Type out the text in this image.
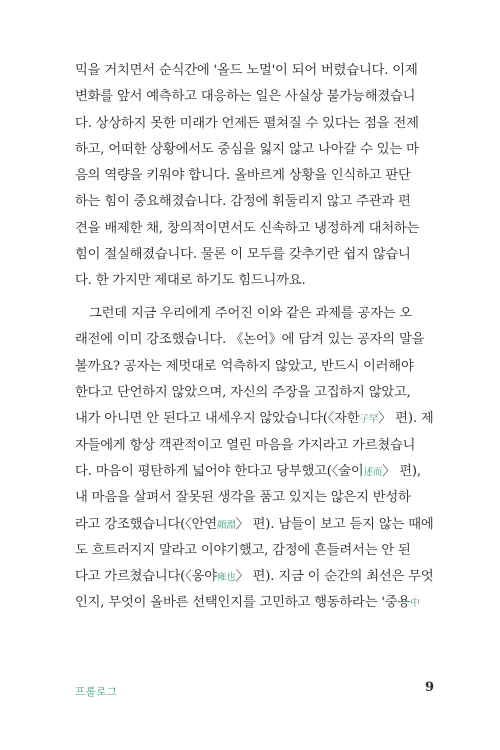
믹을 거치면서 순식간에 '올드 노멀'이 되어 버렸습니다. 이제
변화를 앞서 예측하고 대응하는 일은 사실상 불가능해졌습니
다. 상상하지 못한 미래가 언제든 펼쳐질 수 있다는 점을 전제
하고, 어떠한 상황에서도 중심을 잃지 않고 나아갈 수 있는 마
음의 역량을 키워야 합니다. 올바르게 상황을 인식하고 판단
하는 힘이 중요해졌습니다. 감정에 휘둘리지 않고 주관과 편
견을 배제한 채, 창의적이면서도 신속하고 냉정하게 대처하는
힘이 절실해졌습니다. 물론 이 모두를 갖추기란 쉽지 않습니
다. 한 가지만 제대로 하기도 힘드니까요.
그런데 지금 우리에게 주어진 이와 같은 과제를 공자는 오
래전에 이미 강조했습니다. 《논어》에 담겨 있는 공자의 말을
볼까요? 공자는 제멋대로 억측하지 않았고, 반드시 이러해야
한다고 단언하지 않았으며, 자신의 주장을 고집하지 않았고,
내가 아니면 안 된다고 내세우지 않았습니다(〈자한子罕〉 편). 제
자들에게 항상 객관적이고 열린 마음을 가지라고 가르쳤습니
다. 마음이 평탄하게 넓어야 한다고 당부했고(〈술이述而〉 편),
내 마음을 살펴서 잘못된 생각을 품고 있지는 않은지 반성하
라고 강조했습니다(〈안연顔淵〉 편). 남들이 보고 듣지 않는 때에
도 흐트러지지 말라고 이야기했고, 감정에 흔들려서는 안 된
다고 가르쳤습니다(〈옹야雍也〉 편). 지금 이 순간의 최선은 무엇
인지, 무엇이 올바른 선택인지를 고민하고 행동하라는 '중용中
프롤로그	9
